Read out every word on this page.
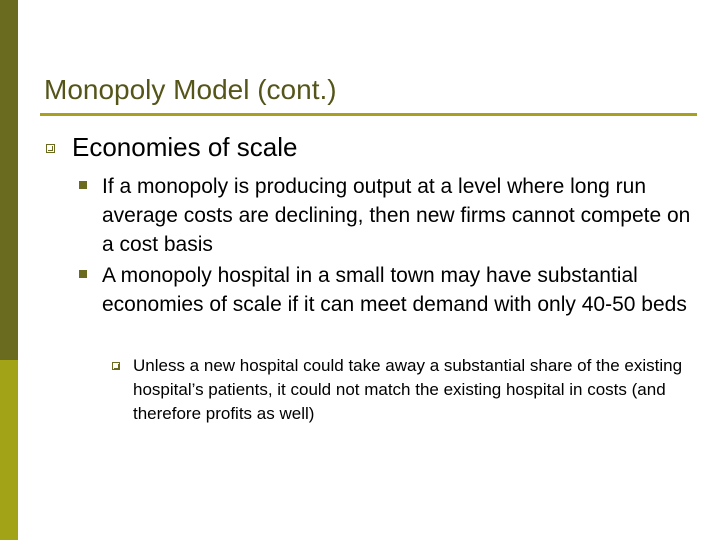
Monopoly Model (cont.)
Economies of scale
If a monopoly is producing output at a level where long run average costs are declining, then new firms cannot compete on a cost basis
A monopoly hospital in a small town may have substantial economies of scale if it can meet demand with only 40-50 beds
Unless a new hospital could take away a substantial share of the existing hospital’s patients, it could not match the existing hospital in costs (and therefore profits as well)
